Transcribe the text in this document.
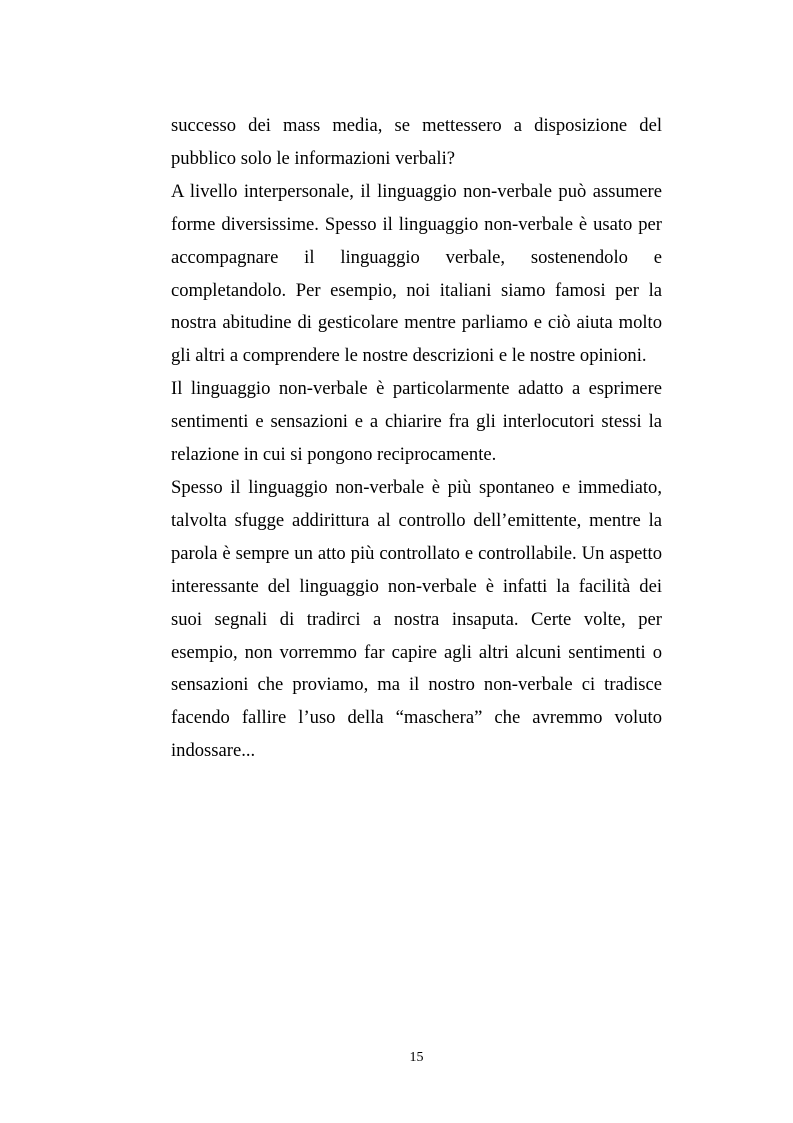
successo dei mass media, se mettessero a disposizione del pubblico solo le informazioni verbali?

A livello interpersonale, il linguaggio non-verbale può assumere forme diversissime. Spesso il linguaggio non-verbale è usato per accompagnare il linguaggio verbale, sostenendolo e completandolo. Per esempio, noi italiani siamo famosi per la nostra abitudine di gesticolare mentre parliamo e ciò aiuta molto gli altri a comprendere le nostre descrizioni e le nostre opinioni.

Il linguaggio non-verbale è particolarmente adatto a esprimere sentimenti e sensazioni e a chiarire fra gli interlocutori stessi la relazione in cui si pongono reciprocamente.

Spesso il linguaggio non-verbale è più spontaneo e immediato, talvolta sfugge addirittura al controllo dell’emittente, mentre la parola è sempre un atto più controllato e controllabile. Un aspetto interessante del linguaggio non-verbale è infatti la facilità dei suoi segnali di tradirci a nostra insaputa. Certe volte, per esempio, non vorremmo far capire agli altri alcuni sentimenti o sensazioni che proviamo, ma il nostro non-verbale ci tradisce facendo fallire l’uso della “maschera” che avremmo voluto indossare...

15
